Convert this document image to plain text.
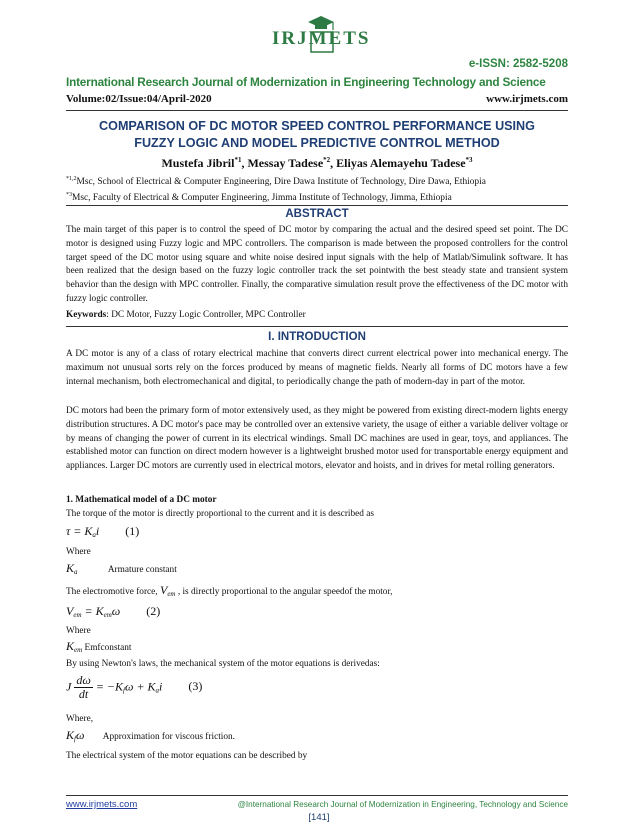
IRJMETS
e-ISSN: 2582-5208
International Research Journal of Modernization in Engineering Technology and Science
Volume:02/Issue:04/April-2020	www.irjmets.com
COMPARISON OF DC MOTOR SPEED CONTROL PERFORMANCE USING
FUZZY LOGIC AND MODEL PREDICTIVE CONTROL METHOD
Mustefa Jibril$^{*1}$, Messay Tadese$^{*2}$, Eliyas Alemayehu Tadese$^{*3}$
$^{*1,2}$Msc, School of Electrical & Computer Engineering, Dire Dawa Institute of Technology, Dire Dawa, Ethiopia
$^{*3}$Msc, Faculty of Electrical & Computer Engineering, Jimma Institute of Technology, Jimma, Ethiopia
ABSTRACT
The main target of this paper is to control the speed of DC motor by comparing the actual and the desired speed set point. The DC motor is designed using Fuzzy logic and MPC controllers. The comparison is made between the proposed controllers for the control target speed of the DC motor using square and white noise desired input signals with the help of Matlab/Simulink software. It has been realized that the design based on the fuzzy logic controller track the set pointwith the best steady state and transient system behavior than the design with MPC controller. Finally, the comparative simulation result prove the effectiveness of the DC motor with fuzzy logic controller.
Keywords: DC Motor, Fuzzy Logic Controller, MPC Controller
I. INTRODUCTION
A DC motor is any of a class of rotary electrical machine that converts direct current electrical power into mechanical energy. The maximum not unusual sorts rely on the forces produced by means of magnetic fields. Nearly all forms of DC motors have a few internal mechanism, both electromechanical and digital, to periodically change the path of modern-day in part of the motor.
DC motors had been the primary form of motor extensively used, as they might be powered from existing direct-modern lights energy distribution structures. A DC motor's pace may be controlled over an extensive variety, the usage of either a variable deliver voltage or by means of changing the power of current in its electrical windings. Small DC machines are used in gear, toys, and appliances. The established motor can function on direct modern however is a lightweight brushed motor used for transportable energy equipment and appliances. Larger DC motors are currently used in electrical motors, elevator and hoists, and in drives for metal rolling generators.
1. Mathematical model of a DC motor
The torque of the motor is directly proportional to the current and it is described as
$\tau = K_ai$ (1)
Where
$K_a$	Armature constant
The electromotive force, $V_{em}$ , is directly proportional to the angular speedof the motor,
$V_{em} = K_{em}\omega$ (2)
Where
$K_{em}$ Emfconstant
By using Newton's laws, the mechanical system of the motor equations is derivedas:
J $\frac{d\omega}{dt} = -K_f\omega + K_ai$ (3)
Where,
$K_f\omega$ Approximation for viscous friction.
The electrical system of the motor equations can be described by
www.irjmets.com	@International Research Journal of Modernization in Engineering, Technology and Science
[141]
